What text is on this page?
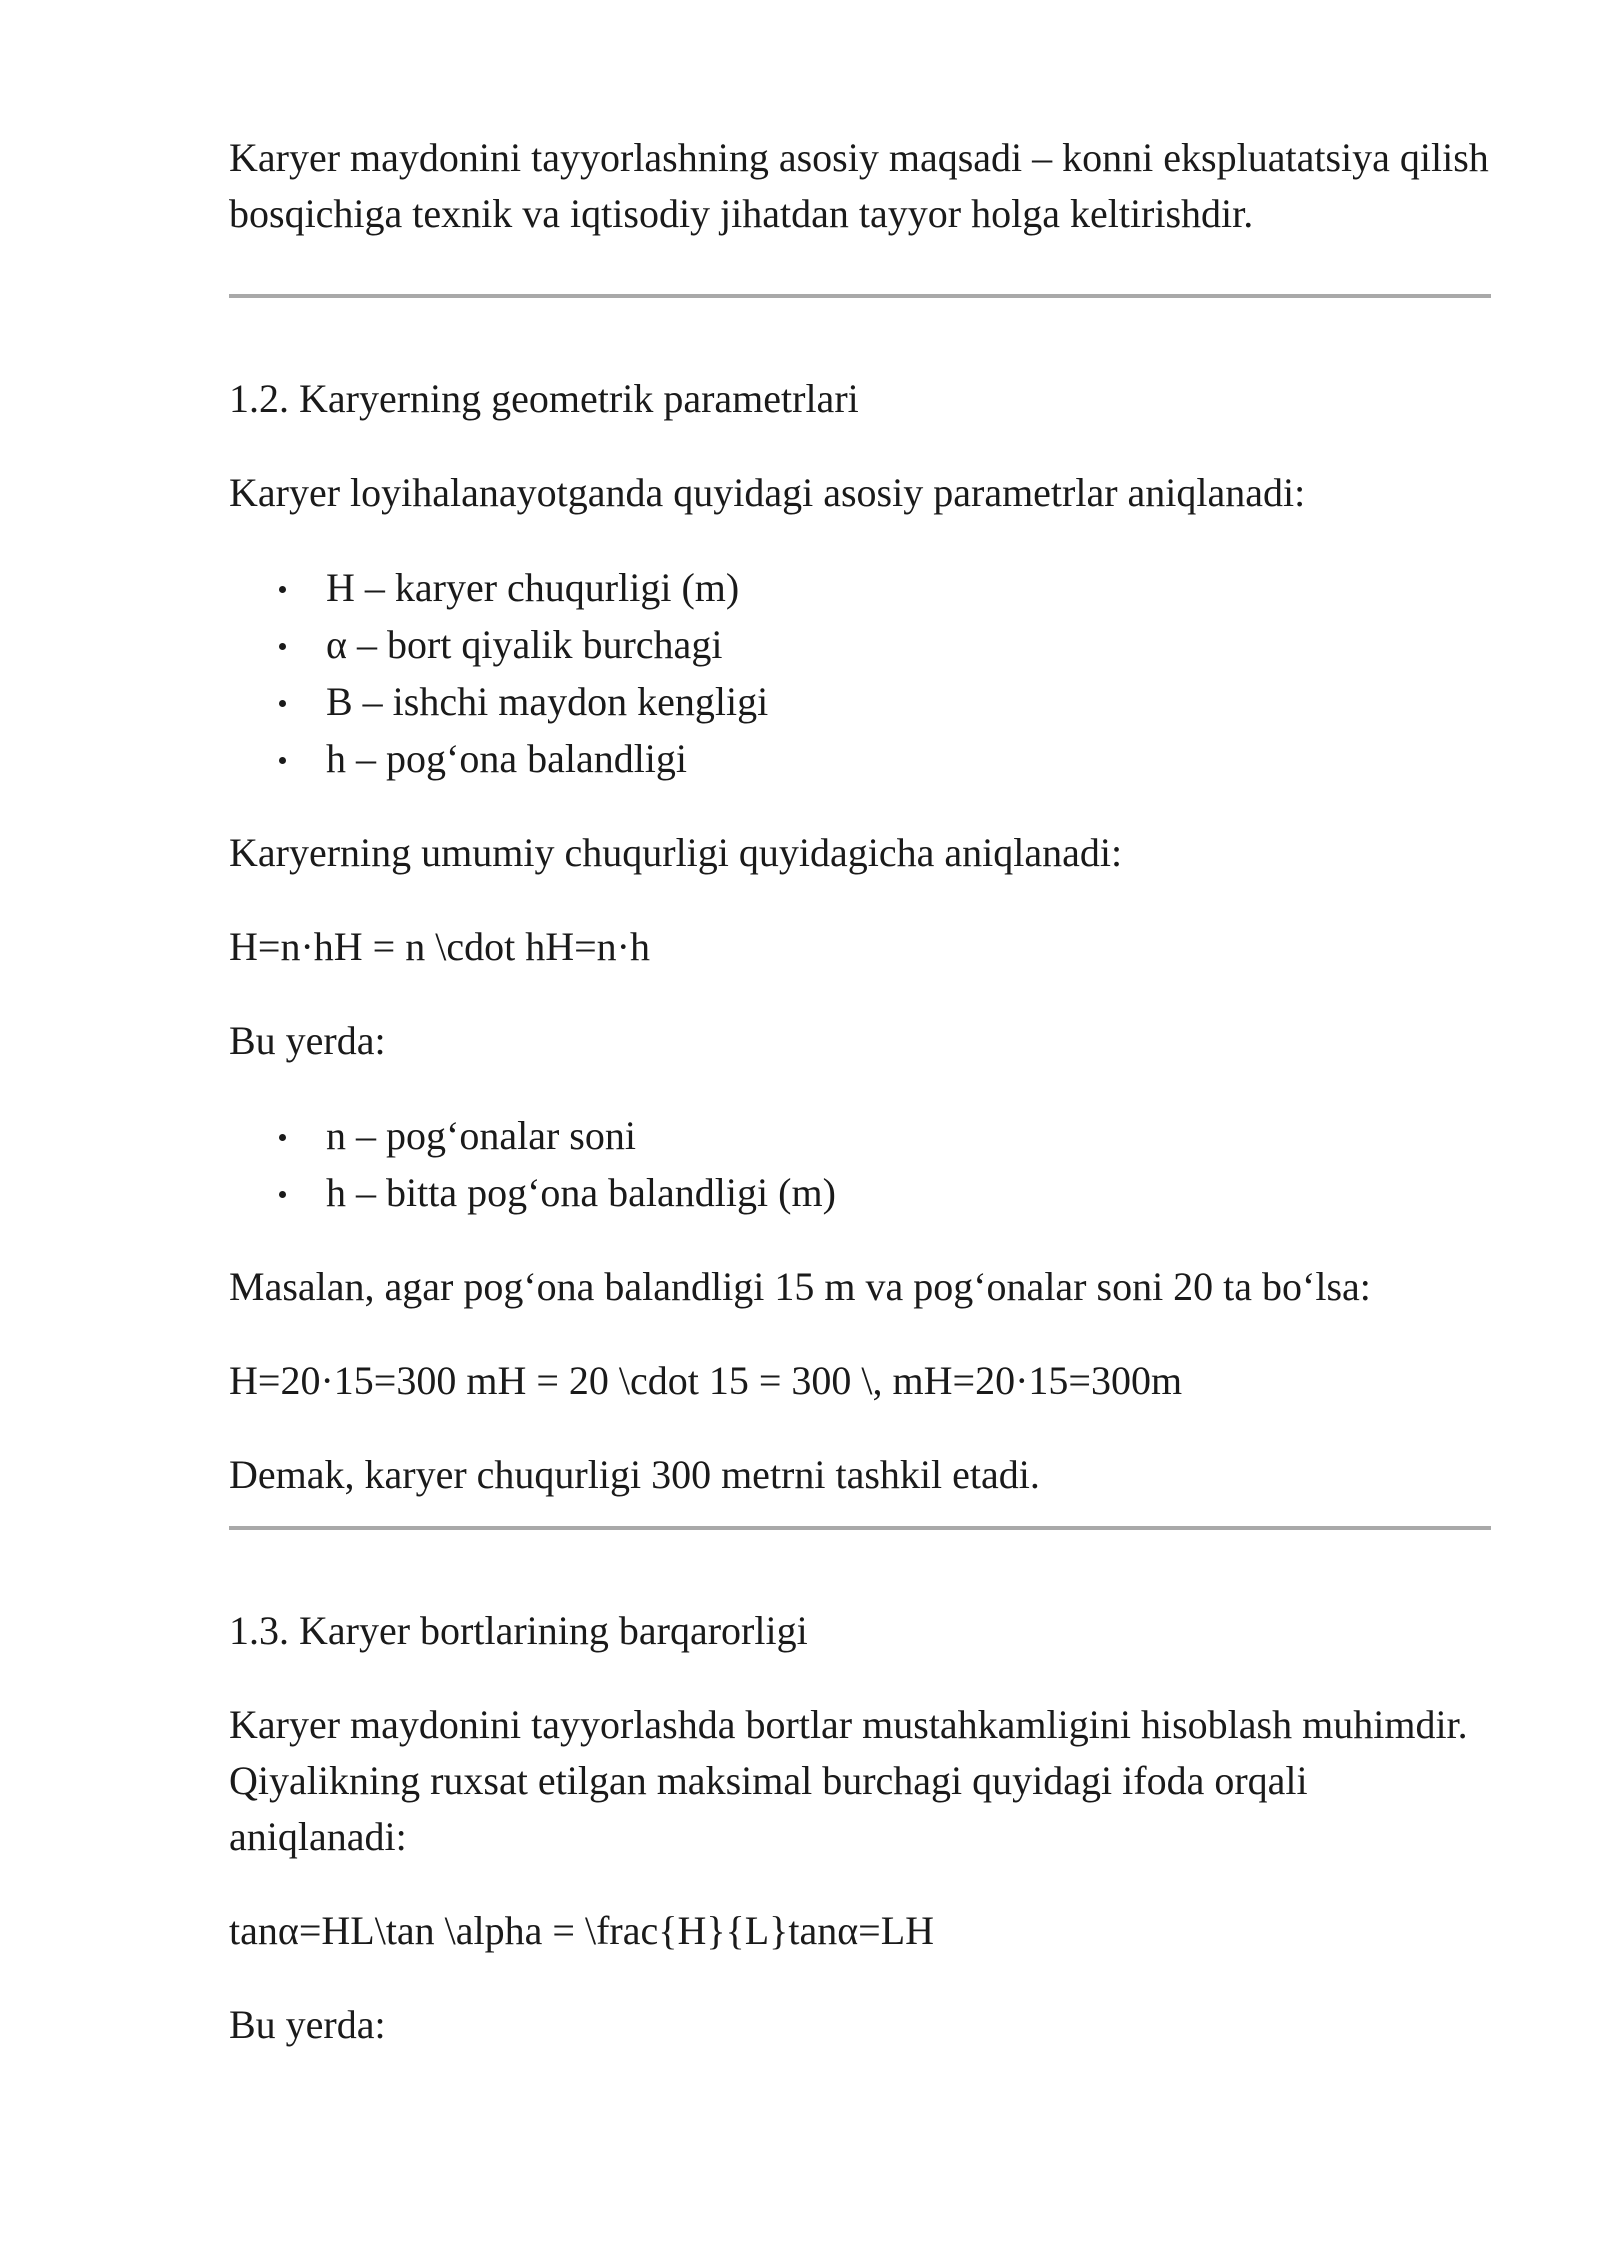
Karyer maydonini tayyorlashning asosiy maqsadi – konni ekspluatatsiya qilish bosqichiga texnik va iqtisodiy jihatdan tayyor holga keltirishdir.

1.2. Karyerning geometrik parametrlari

Karyer loyihalanayotganda quyidagi asosiy parametrlar aniqlanadi:

H – karyer chuqurligi (m)
α – bort qiyalik burchagi
B – ishchi maydon kengligi
h – pog‘ona balandligi

Karyerning umumiy chuqurligi quyidagicha aniqlanadi:

H=n·hH = n \cdot hH=n·h

Bu yerda:

n – pog‘onalar soni
h – bitta pog‘ona balandligi (m)

Masalan, agar pog‘ona balandligi 15 m va pog‘onalar soni 20 ta bo‘lsa:

H=20·15=300 mH = 20 \cdot 15 = 300 \, mH=20·15=300m

Demak, karyer chuqurligi 300 metrni tashkil etadi.

1.3. Karyer bortlarining barqarorligi

Karyer maydonini tayyorlashda bortlar mustahkamligini hisoblash muhimdir. Qiyalikning ruxsat etilgan maksimal burchagi quyidagi ifoda orqali aniqlanadi:

tanα=HL\tan \alpha = \frac{H}{L}tanα=LH

Bu yerda:
